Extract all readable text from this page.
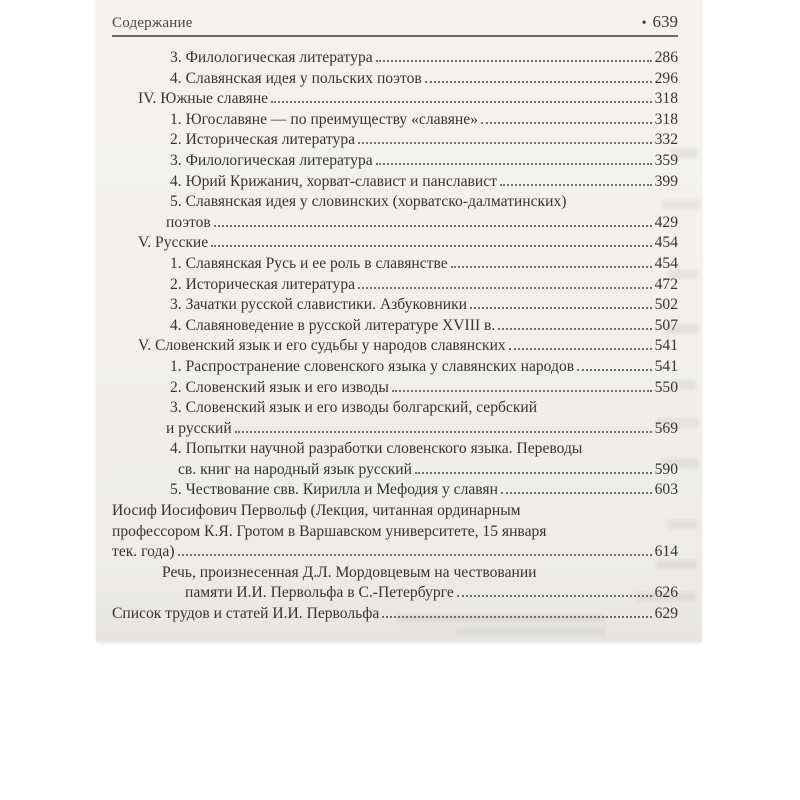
Содержание	• 639
3. Филологическая литература	286
4. Славянская идея у польских поэтов	296
IV. Южные славяне	318
1. Югославяне — по преимуществу «славяне»	318
2. Историческая литература	332
3. Филологическая литература	359
4. Юрий Крижанич, хорват-славист и панславист	399
5. Славянская идея у словинских (хорватско-далматинских)
поэтов	429
V. Русские	454
1. Славянская Русь и ее роль в славянстве	454
2. Историческая литература	472
3. Зачатки русской славистики. Азбуковники	502
4. Славяноведение в русской литературе XVIII в.	507
V. Словенский язык и его судьбы у народов славянских	541
1. Распространение словенского языка у славянских народов	541
2. Словенский язык и его изводы	550
3. Словенский язык и его изводы болгарский, сербский
и русский	569
4. Попытки научной разработки словенского языка. Переводы
св. книг на народный язык русский	590
5. Чествование свв. Кирилла и Мефодия у славян	603
Иосиф Иосифович Первольф (Лекция, читанная ординарным
профессором К.Я. Гротом в Варшавском университете, 15 января
тек. года)	614
Речь, произнесенная Д.Л. Мордовцевым на чествовании
памяти И.И. Первольфа в С.-Петербурге	626
Список трудов и статей И.И. Первольфа	629
